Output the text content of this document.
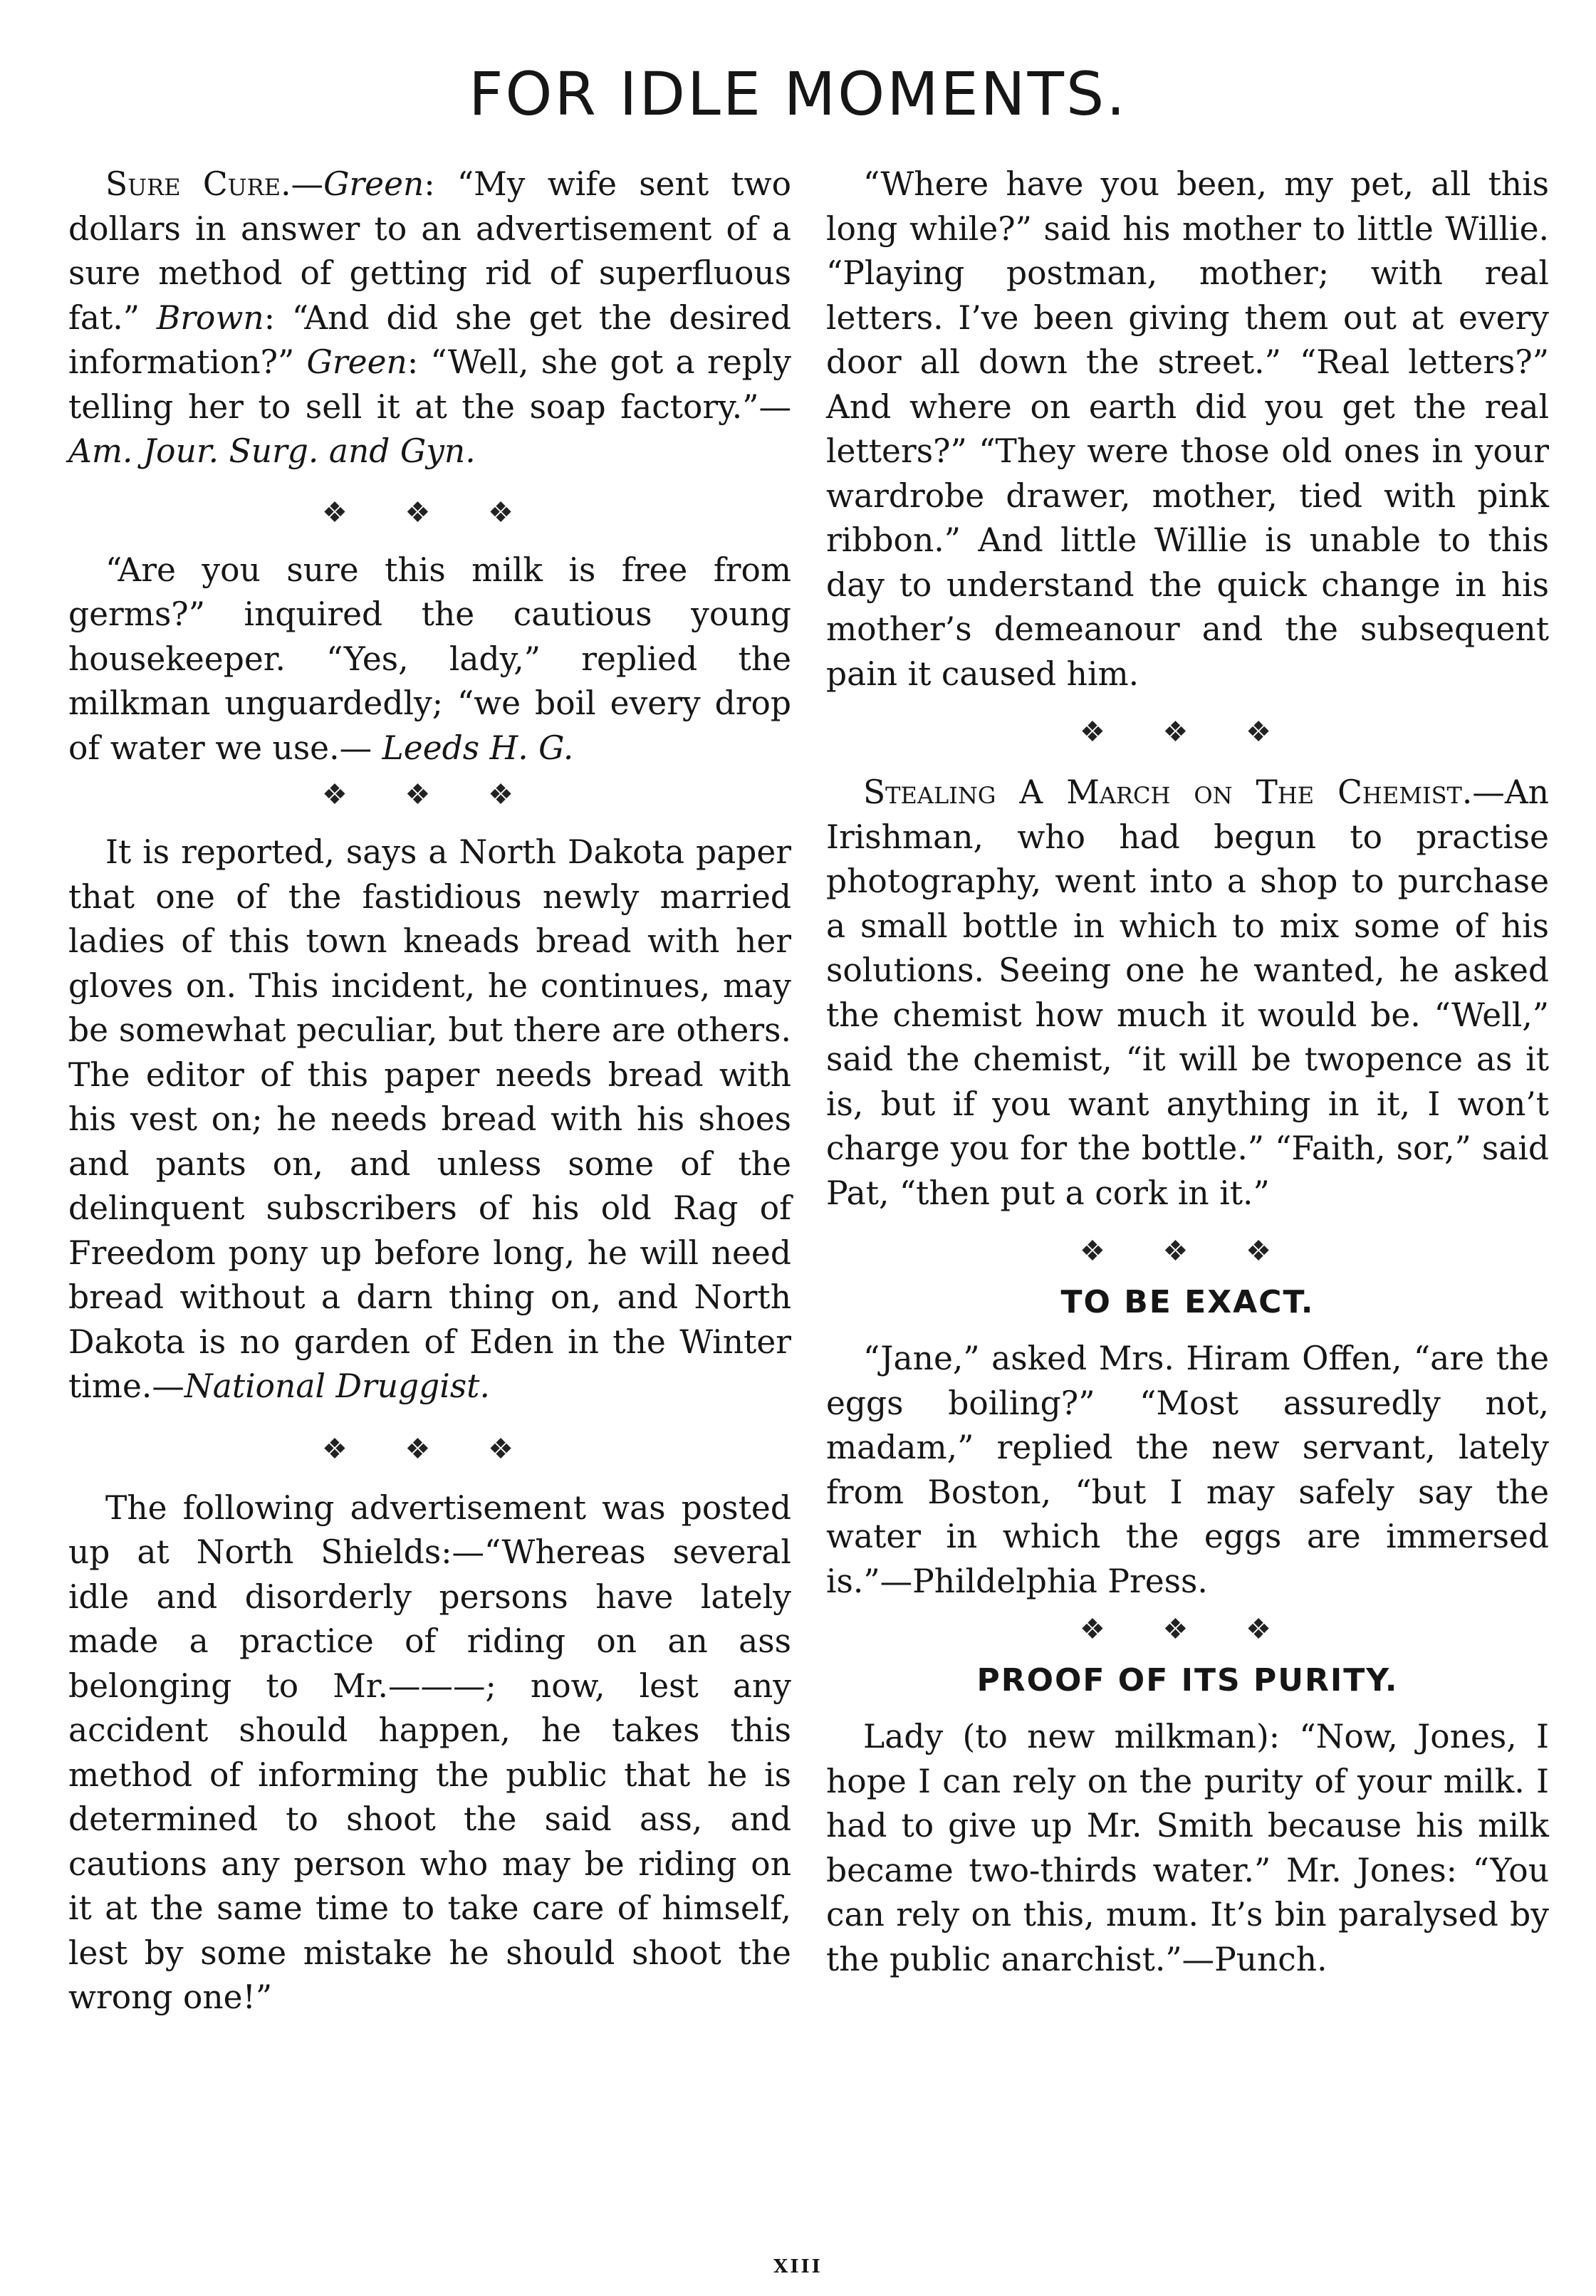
FOR IDLE MOMENTS.

Sure Cure.—Green: “My wife sent two dollars in answer to an advertisement of a sure method of getting rid of superfluous fat.” Brown: “And did she get the desired information?” Green: “Well, she got a reply telling her to sell it at the soap factory.”—Am. Jour. Surg. and Gyn.

❖ ❖ ❖

“Are you sure this milk is free from germs?” inquired the cautious young housekeeper. “Yes, lady,” replied the milkman unguardedly; “we boil every drop of water we use.— Leeds H. G.

❖ ❖ ❖

It is reported, says a North Dakota paper that one of the fastidious newly married ladies of this town kneads bread with her gloves on. This incident, he continues, may be somewhat peculiar, but there are others. The editor of this paper needs bread with his vest on; he needs bread with his shoes and pants on, and unless some of the delinquent subscribers of his old Rag of Freedom pony up before long, he will need bread without a darn thing on, and North Dakota is no garden of Eden in the Winter time.—National Druggist.

❖ ❖ ❖

The following advertisement was posted up at North Shields:—“Whereas several idle and disorderly persons have lately made a practice of riding on an ass belonging to Mr.———; now, lest any accident should happen, he takes this method of informing the public that he is determined to shoot the said ass, and cautions any person who may be riding on it at the same time to take care of himself, lest by some mistake he should shoot the wrong one!”

“Where have you been, my pet, all this long while?” said his mother to little Willie. “Playing postman, mother; with real letters. I’ve been giving them out at every door all down the street.” “Real letters?” And where on earth did you get the real letters?” “They were those old ones in your wardrobe drawer, mother, tied with pink ribbon.” And little Willie is unable to this day to understand the quick change in his mother’s demeanour and the subsequent pain it caused him.

❖ ❖ ❖

Stealing A March on The Chemist.—An Irishman, who had begun to practise photography, went into a shop to purchase a small bottle in which to mix some of his solutions. Seeing one he wanted, he asked the chemist how much it would be. “Well,” said the chemist, “it will be twopence as it is, but if you want anything in it, I won’t charge you for the bottle.” “Faith, sor,” said Pat, “then put a cork in it.”

❖ ❖ ❖
TO BE EXACT.

“Jane,” asked Mrs. Hiram Offen, “are the eggs boiling?” “Most assuredly not, madam,” replied the new servant, lately from Boston, “but I may safely say the water in which the eggs are immersed is.”—Phildelphia Press.

❖ ❖ ❖
PROOF OF ITS PURITY.

Lady (to new milkman): “Now, Jones, I hope I can rely on the purity of your milk. I had to give up Mr. Smith because his milk became two-thirds water.” Mr. Jones: “You can rely on this, mum. It’s bin paralysed by the public anarchist.”—Punch.

XIII
